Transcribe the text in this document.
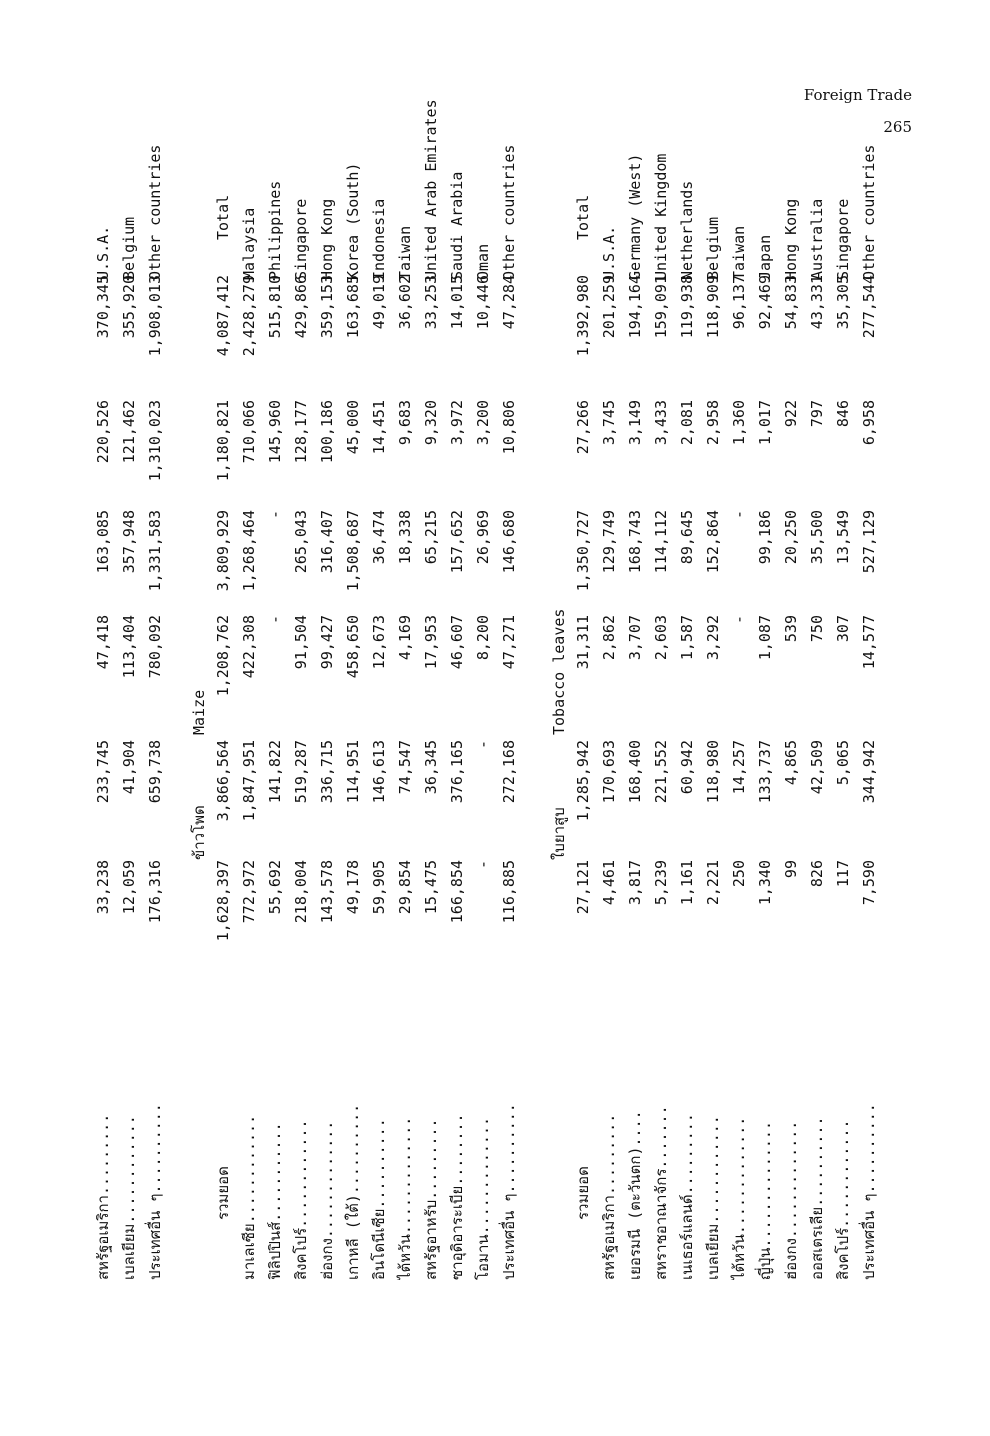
Foreign Trade
265
สหรัฐอเมริกา.........
33,238
233,745
47,418
163,085
220,526
370,345
U.S.A.
เบลเยียม............
12,059
41,904
113,404
357,948
121,462
355,920
Belgium
ประเทศอื่น ๆ..........
176,316
659,738
780,092
1,331,583
1,310,023
1,908,013
Other countries
ข้าวโพด
Maize
รวมยอด
1,628,397
3,866,564
1,208,762
3,809,929
1,180,821
4,087,412
Total
มาเลเซีย............
772,972
1,847,951
422,308
1,268,464
710,066
2,428,279
Malaysia
ฟิลิปปินส์...........
55,692
141,822
-
-
145,960
515,810
Philippines
สิงคโปร์............
218,004
519,287
91,504
265,043
128,177
429,866
Singapore
ฮ่องกง.............
143,578
336,715
99,427
316,407
100,186
359,153
Hong Kong
เกาหลี (ใต้)..........
49,178
114,951
458,650
1,508,687
45,000
163,685
Korea (South)
อินโดนีเซีย..........
59,905
146,613
12,673
36,474
14,451
49,019
Indonesia
ไต้หวัน.............
29,854
74,547
4,169
18,338
9,683
36,602
Taiwan
สหรัฐอาหรับ.........
15,475
36,345
17,953
65,215
9,320
33,253
United Arab Emirates
ซาอุดิอาระเบีย........
166,854
376,165
46,607
157,652
3,972
14,015
Saudi Arabia
โอมาน.............
-
-
8,200
26,969
3,200
10,446
Oman
ประเทศอื่น ๆ..........
116,885
272,168
47,271
146,680
10,806
47,284
Other countries
ใบยาสูบ
Tobacco leaves
รวมยอด
27,121
1,285,942
31,311
1,350,727
27,266
1,392,980
Total
สหรัฐอเมริกา.........
4,461
170,693
2,862
129,749
3,745
201,259
U.S.A.
เยอรมนี (ตะวันตก)....
3,817
168,400
3,707
168,743
3,149
194,164
Germany (West)
สหราชอาณาจักร.......
5,239
221,552
2,603
114,112
3,433
159,091
United Kingdom
เนเธอร์แลนด์.........
1,161
60,942
1,587
89,645
2,081
119,938
Netherlands
เบลเยียม............
2,221
118,980
3,292
152,864
2,958
118,909
Belgium
ไต้หวัน.............
250
14,257
-
-
1,360
96,137
Taiwan
ญี่ปุ่น..............
1,340
133,737
1,087
99,186
1,017
92,469
Japan
ฮ่องกง.............
99
4,865
539
20,250
922
54,833
Hong Kong
ออสเตรเลีย..........
826
42,509
750
35,500
797
43,331
Australia
สิงคโปร์............
117
5,065
307
13,549
846
35,305
Singapore
ประเทศอื่น ๆ..........
7,590
344,942
14,577
527,129
6,958
277,544
Other countries
